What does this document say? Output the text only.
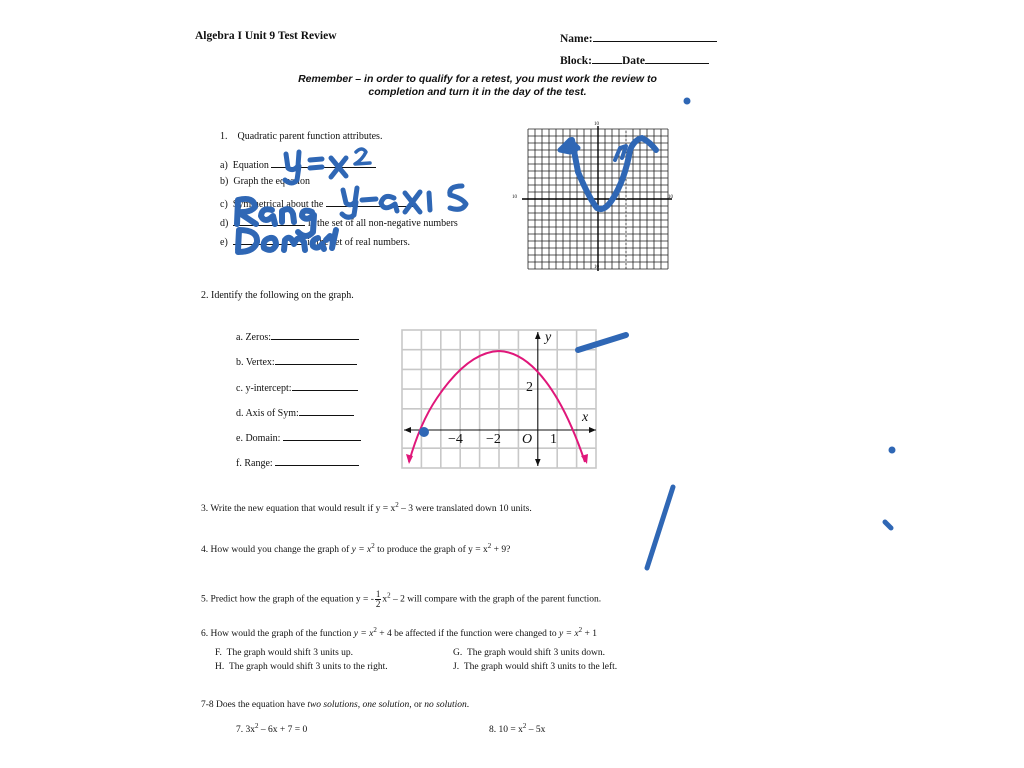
Algebra I Unit 9 Test Review	Name:
Block:	Date
Remember – in order to qualify for a retest, you must work the review to
completion and turn it in the day of the test.
1. Quadratic parent function attributes.
a) Equation
b) Graph the equation
c) Symmetrical about the
d)	is the set of all non-negative numbers
e)	is the set of real numbers.
10	10
10
10
2. Identify the following on the graph.
a. Zeros:
b. Vertex:
c. y-intercept:
d. Axis of Sym:
e. Domain:
f. Range:
y
x
2
−4 −2 O 1
3. Write the new equation that would result if $y = x^2 - 3$ were translated down 10 units.
4. How would you change the graph of $y = x^2$ to produce the graph of $y = x^2 + 9$?
5. Predict how the graph of the equation y = - $\frac{1}{2} x^2 - 2$ will compare with the graph of the parent function.
6. How would the graph of the function $y = x^2 + 4$ be affected if the function were changed to $y = x^2 + 1$
F. The graph would shift 3 units up.	G. The graph would shift 3 units down.
H. The graph would shift 3 units to the right.	J. The graph would shift 3 units to the left.
7-8 Does the equation have two solutions, one solution, or no solution.
7. $3x^2 - 6x + 7 = 0$	8. $10 = x^2 - 5x$
